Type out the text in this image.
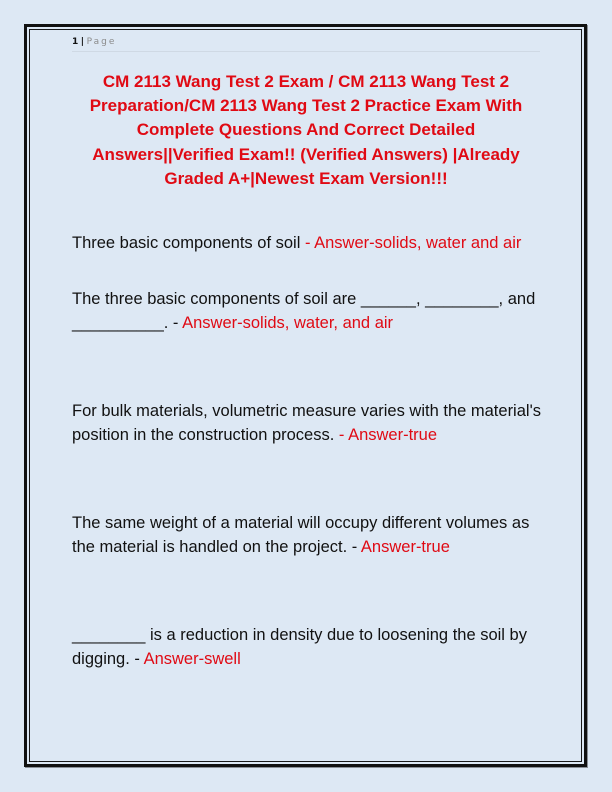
1 | Page
CM 2113 Wang Test 2 Exam / CM 2113 Wang Test 2 Preparation/CM 2113 Wang Test 2 Practice Exam With Complete Questions And Correct Detailed Answers||Verified Exam!! (Verified Answers) |Already Graded A+|Newest Exam Version!!!
Three basic components of soil - Answer-solids, water and air
The three basic components of soil are ______, ________, and __________. - Answer-solids, water, and air
For bulk materials, volumetric measure varies with the material's position in the construction process. - Answer-true
The same weight of a material will occupy different volumes as the material is handled on the project. - Answer-true
________ is a reduction in density due to loosening the soil by digging. - Answer-swell
